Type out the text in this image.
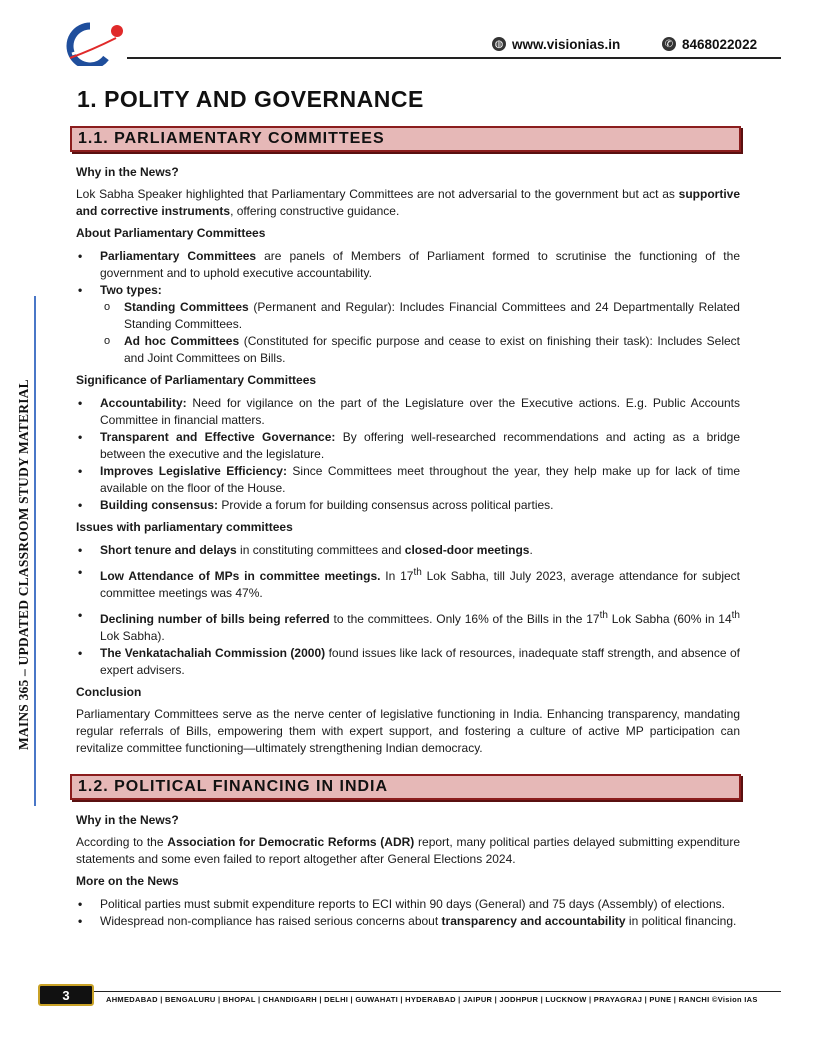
◍ www.visionias.in	✆ 8468022022
MAINS 365 – UPDATED CLASSROOM STUDY MATERIAL
1. POLITY AND GOVERNANCE
1.1. PARLIAMENTARY COMMITTEES

Why in the News?

Lok Sabha Speaker highlighted that Parliamentary Committees are not adversarial to the government but act as supportive and corrective instruments, offering constructive guidance.

About Parliamentary Committees

• Parliamentary Committees are panels of Members of Parliament formed to scrutinise the functioning of the government and to uphold executive accountability.
• Two types:
o Standing Committees (Permanent and Regular): Includes Financial Committees and 24 Departmentally Related Standing Committees.
o Ad hoc Committees (Constituted for specific purpose and cease to exist on finishing their task): Includes Select and Joint Committees on Bills.

Significance of Parliamentary Committees

• Accountability: Need for vigilance on the part of the Legislature over the Executive actions. E.g. Public Accounts Committee in financial matters.
• Transparent and Effective Governance: By offering well-researched recommendations and acting as a bridge between the executive and the legislature.
• Improves Legislative Efficiency: Since Committees meet throughout the year, they help make up for lack of time available on the floor of the House.
• Building consensus: Provide a forum for building consensus across political parties.

Issues with parliamentary committees

• Short tenure and delays in constituting committees and closed-door meetings.
• Low Attendance of MPs in committee meetings. In 17th Lok Sabha, till July 2023, average attendance for subject committee meetings was 47%.
• Declining number of bills being referred to the committees. Only 16% of the Bills in the 17th Lok Sabha (60% in 14th Lok Sabha).
• The Venkatachaliah Commission (2000) found issues like lack of resources, inadequate staff strength, and absence of expert advisers.

Conclusion

Parliamentary Committees serve as the nerve center of legislative functioning in India. Enhancing transparency, mandating regular referrals of Bills, empowering them with expert support, and fostering a culture of active MP participation can revitalize committee functioning—ultimately strengthening Indian democracy.

1.2. POLITICAL FINANCING IN INDIA

Why in the News?

According to the Association for Democratic Reforms (ADR) report, many political parties delayed submitting expenditure statements and some even failed to report altogether after General Elections 2024.

More on the News

• Political parties must submit expenditure reports to ECI within 90 days (General) and 75 days (Assembly) of elections.
• Widespread non-compliance has raised serious concerns about transparency and accountability in political financing.
3	AHMEDABAD | BENGALURU | BHOPAL | CHANDIGARH | DELHI | GUWAHATI | HYDERABAD | JAIPUR | JODHPUR | LUCKNOW | PRAYAGRAJ | PUNE | RANCHI ©Vision IAS
